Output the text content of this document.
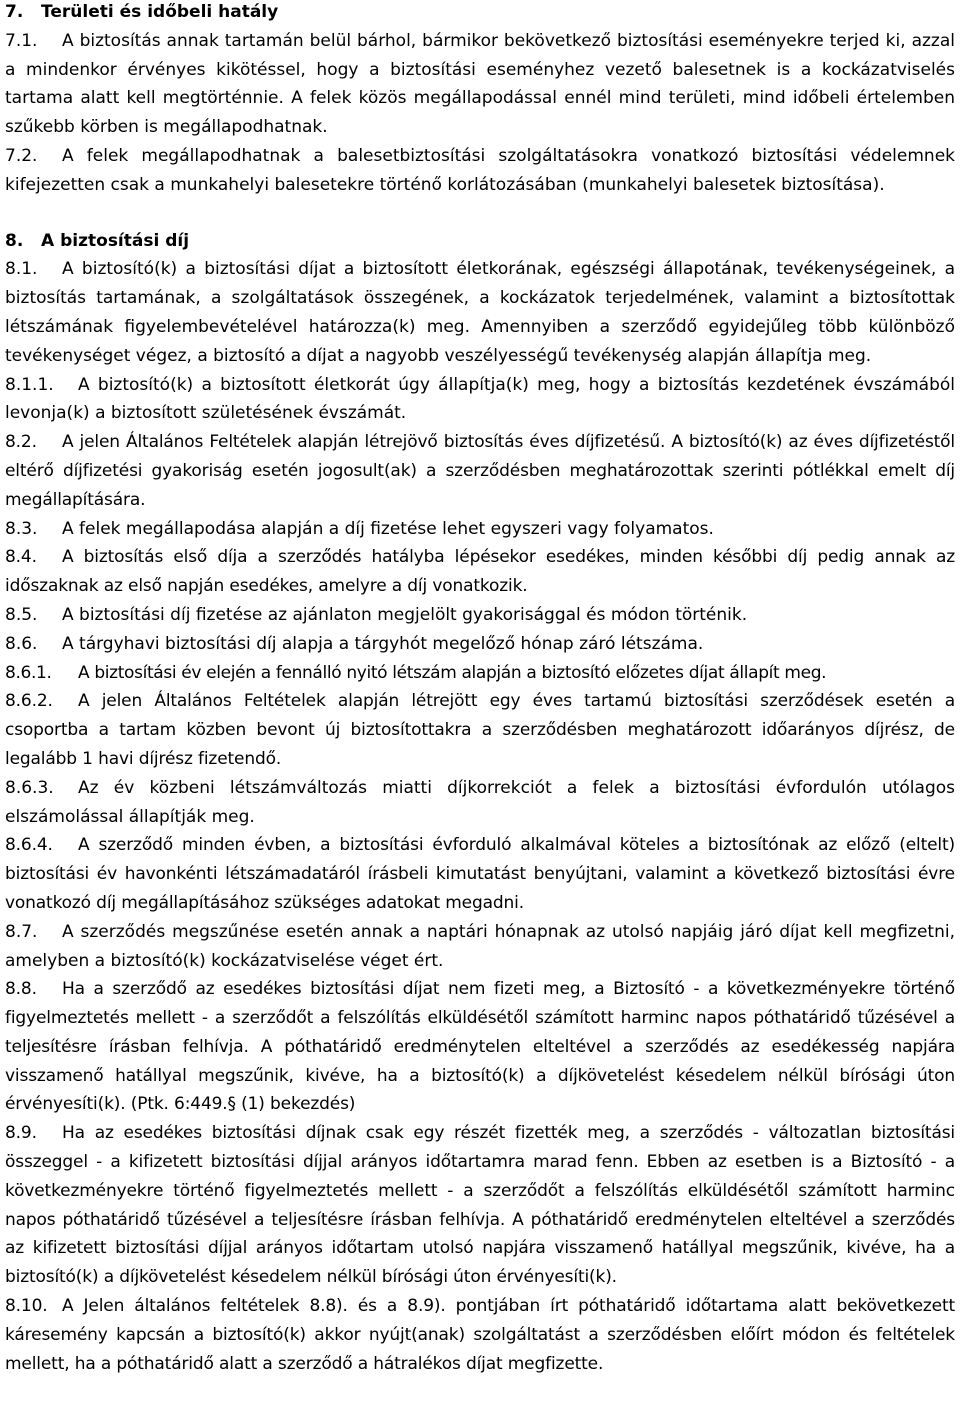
7.   Területi és időbeli hatály

7.1. A biztosítás annak tartamán belül bárhol, bármikor bekövetkező biztosítási eseményekre terjed ki, azzal a mindenkor érvényes kikötéssel, hogy a biztosítási eseményhez vezető balesetnek is a kockázatviselés tartama alatt kell megtörténnie. A felek közös megállapodással ennél mind területi, mind időbeli értelemben szűkebb körben is megállapodhatnak.

7.2. A felek megállapodhatnak a balesetbiztosítási szolgáltatásokra vonatkozó biztosítási védelemnek kifejezetten csak a munkahelyi balesetekre történő korlátozásában (munkahelyi balesetek biztosítása).

8.   A biztosítási díj

8.1. A biztosító(k) a biztosítási díjat a biztosított életkorának, egészségi állapotának, tevékenységeinek, a biztosítás tartamának, a szolgáltatások összegének, a kockázatok terjedelmének, valamint a biztosítottak létszámának figyelembevételével határozza(k) meg. Amennyiben a szerződő egyidejűleg több különböző tevékenységet végez, a biztosító a díjat a nagyobb veszélyességű tevékenység alapján állapítja meg.

8.1.1. A biztosító(k) a biztosított életkorát úgy állapítja(k) meg, hogy a biztosítás kezdetének évszámából levonja(k) a biztosított születésének évszámát.

8.2. A jelen Általános Feltételek alapján létrejövő biztosítás éves díjfizetésű. A biztosító(k) az éves díjfizetéstől eltérő díjfizetési gyakoriság esetén jogosult(ak) a szerződésben meghatározottak szerinti pótlékkal emelt díj megállapítására.

8.3. A felek megállapodása alapján a díj fizetése lehet egyszeri vagy folyamatos.

8.4. A biztosítás első díja a szerződés hatályba lépésekor esedékes, minden későbbi díj pedig annak az időszaknak az első napján esedékes, amelyre a díj vonatkozik.

8.5. A biztosítási díj fizetése az ajánlaton megjelölt gyakorisággal és módon történik.

8.6. A tárgyhavi biztosítási díj alapja a tárgyhót megelőző hónap záró létszáma.

8.6.1. A biztosítási év elején a fennálló nyitó létszám alapján a biztosító előzetes díjat állapít meg.

8.6.2. A jelen Általános Feltételek alapján létrejött egy éves tartamú biztosítási szerződések esetén a csoportba a tartam közben bevont új biztosítottakra a szerződésben meghatározott időarányos díjrész, de legalább 1 havi díjrész fizetendő.

8.6.3. Az év közbeni létszámváltozás miatti díjkorrekciót a felek a biztosítási évfordulón utólagos elszámolással állapítják meg.

8.6.4. A szerződő minden évben, a biztosítási évforduló alkalmával köteles a biztosítónak az előző (eltelt) biztosítási év havonkénti létszámadatáról írásbeli kimutatást benyújtani, valamint a következő biztosítási évre vonatkozó díj megállapításához szükséges adatokat megadni.

8.7. A szerződés megszűnése esetén annak a naptári hónapnak az utolsó napjáig járó díjat kell megfizetni, amelyben a biztosító(k) kockázatviselése véget ért.

8.8. Ha a szerződő az esedékes biztosítási díjat nem fizeti meg, a Biztosító - a következményekre történő figyelmeztetés mellett - a szerződőt a felszólítás elküldésétől számított harminc napos póthatáridő tűzésével a teljesítésre írásban felhívja. A póthatáridő eredménytelen elteltével a szerződés az esedékesség napjára visszamenő hatállyal megszűnik, kivéve, ha a biztosító(k) a díjkövetelést késedelem nélkül bírósági úton érvényesíti(k). (Ptk. 6:449.§ (1) bekezdés)

8.9. Ha az esedékes biztosítási díjnak csak egy részét fizették meg, a szerződés - változatlan biztosítási összeggel - a kifizetett biztosítási díjjal arányos időtartamra marad fenn. Ebben az esetben is a Biztosító - a következményekre történő figyelmeztetés mellett - a szerződőt a felszólítás elküldésétől számított harminc napos póthatáridő tűzésével a teljesítésre írásban felhívja. A póthatáridő eredménytelen elteltével a szerződés az kifizetett biztosítási díjjal arányos időtartam utolsó napjára visszamenő hatállyal megszűnik, kivéve, ha a biztosító(k) a díjkövetelést késedelem nélkül bírósági úton érvényesíti(k).

8.10. A Jelen általános feltételek 8.8). és a 8.9). pontjában írt póthatáridő időtartama alatt bekövetkezett káresemény kapcsán a biztosító(k) akkor nyújt(anak) szolgáltatást a szerződésben előírt módon és feltételek mellett, ha a póthatáridő alatt a szerződő a hátralékos díjat megfizette.
